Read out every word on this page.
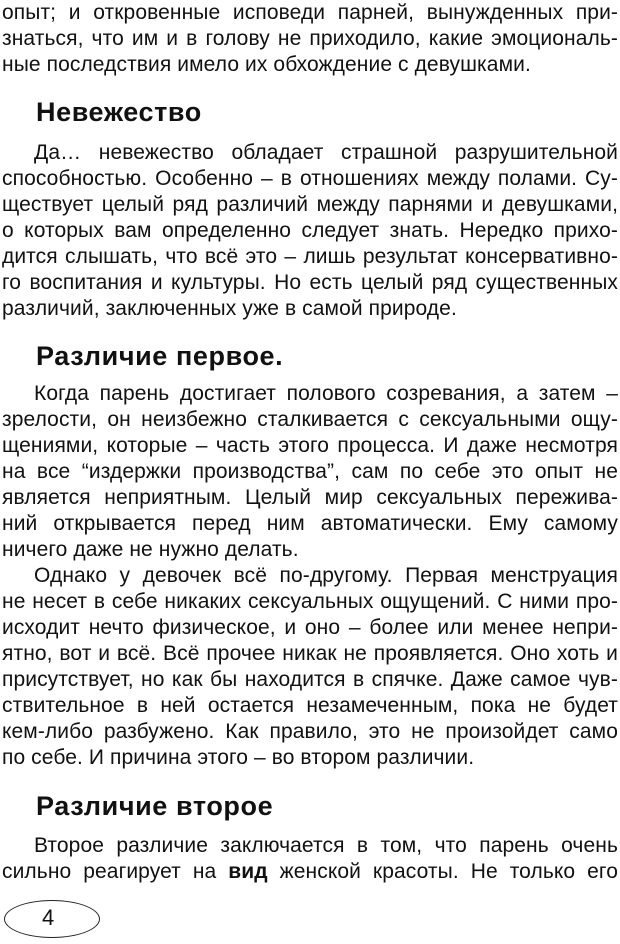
опыт; и откровенные исповеди парней, вынужденных при-
знаться, что им и в голову не приходило, какие эмоциональ-
ные последствия имело их обхождение с девушками.
Невежество
Да… невежество обладает страшной разрушительной
способностью. Особенно – в отношениях между полами. Су-
ществует целый ряд различий между парнями и девушками,
о которых вам определенно следует знать. Нередко прихо-
дится слышать, что всё это – лишь результат консервативно-
го воспитания и культуры. Но есть целый ряд существенных
различий, заключенных уже в самой природе.
Различие первое.
Когда парень достигает полового созревания, а затем –
зрелости, он неизбежно сталкивается с сексуальными ощу-
щениями, которые – часть этого процесса. И даже несмотря
на все “издержки производства”, сам по себе это опыт не
является неприятным. Целый мир сексуальных пережива-
ний открывается перед ним автоматически. Ему самому
ничего даже не нужно делать.
Однако у девочек всё по-другому. Первая менструация
не несет в себе никаких сексуальных ощущений. С ними про-
исходит нечто физическое, и оно – более или менее непри-
ятно, вот и всё. Всё прочее никак не проявляется. Оно хоть и
присутствует, но как бы находится в спячке. Даже самое чув-
ствительное в ней остается незамеченным, пока не будет
кем-либо разбужено. Как правило, это не произойдет само
по себе. И причина этого – во втором различии.
Различие второе
Второе различие заключается в том, что парень очень
сильно реагирует на вид женской красоты. Не только его
4
